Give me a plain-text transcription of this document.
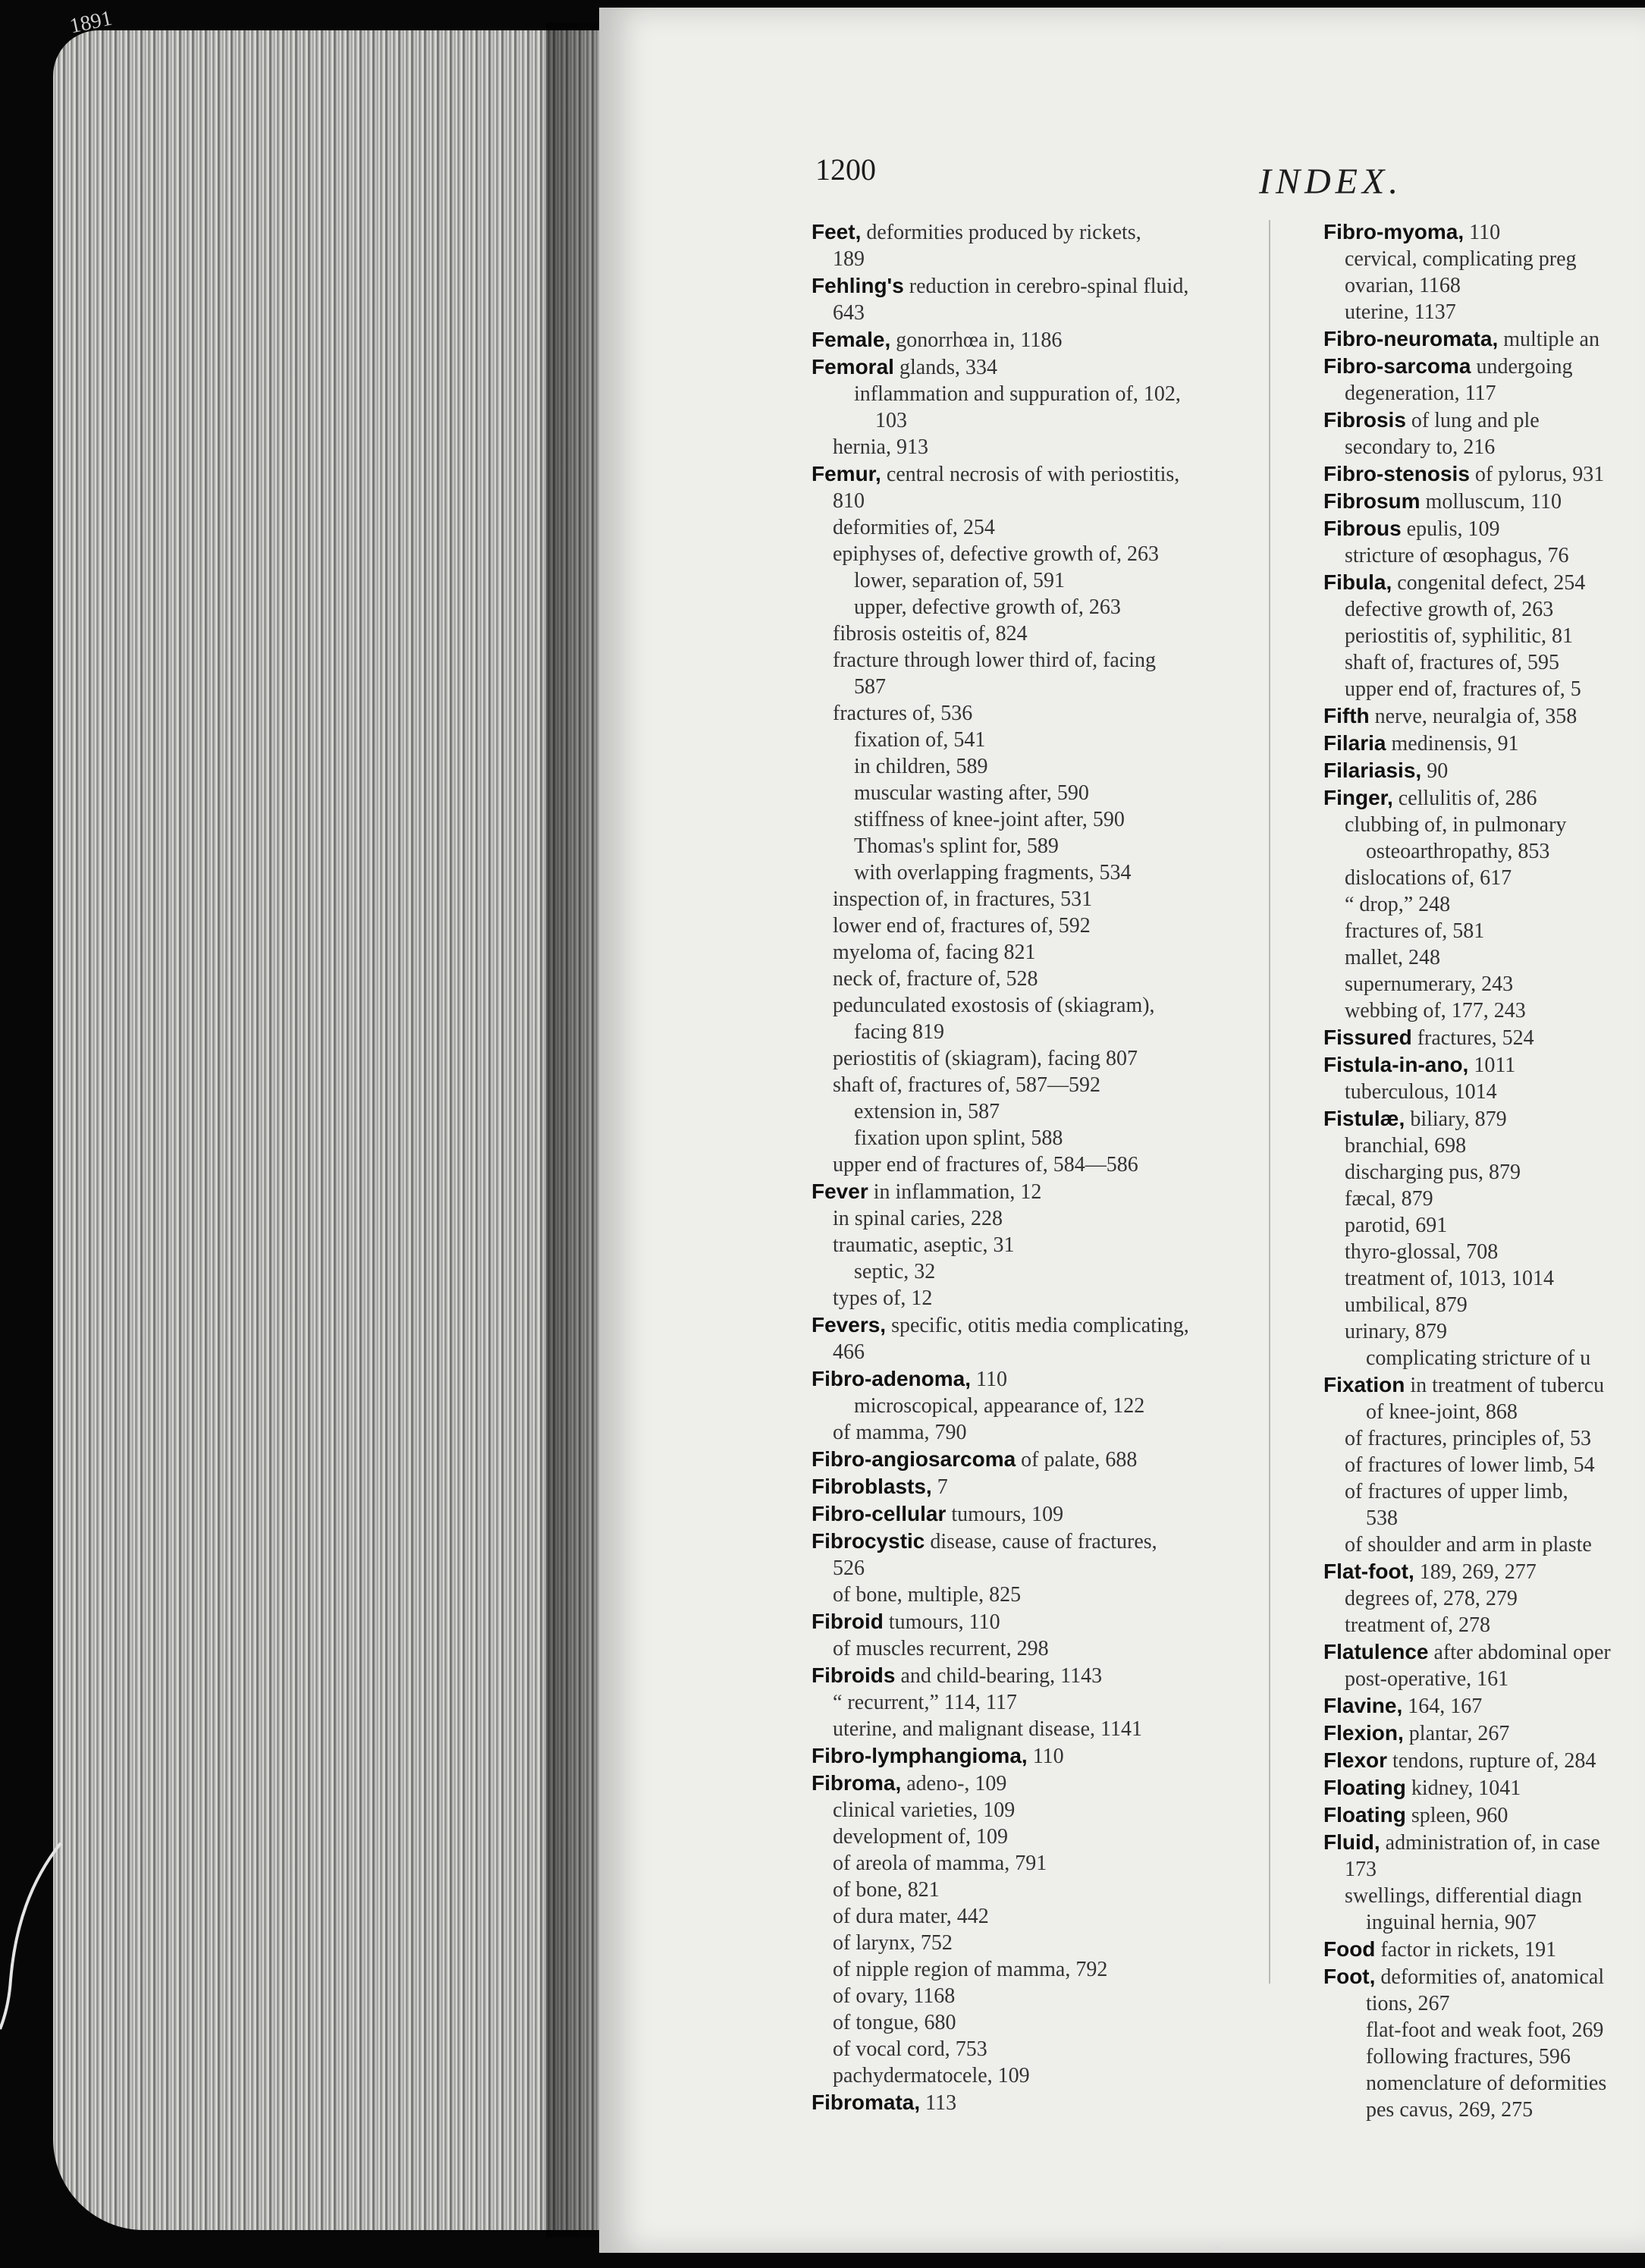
1891
1200	INDEX.
Feet, deformities produced by rickets,
189
Fehling's reduction in cerebro-spinal fluid,
643
Female, gonorrhœa in, 1186
Femoral glands, 334
inflammation and suppuration of, 102,
103
hernia, 913
Femur, central necrosis of with periostitis,
810
deformities of, 254
epiphyses of, defective growth of, 263
lower, separation of, 591
upper, defective growth of, 263
fibrosis osteitis of, 824
fracture through lower third of, facing
587
fractures of, 536
fixation of, 541
in children, 589
muscular wasting after, 590
stiffness of knee-joint after, 590
Thomas's splint for, 589
with overlapping fragments, 534
inspection of, in fractures, 531
lower end of, fractures of, 592
myeloma of, facing 821
neck of, fracture of, 528
pedunculated exostosis of (skiagram),
facing 819
periostitis of (skiagram), facing 807
shaft of, fractures of, 587—592
extension in, 587
fixation upon splint, 588
upper end of fractures of, 584—586
Fever in inflammation, 12
in spinal caries, 228
traumatic, aseptic, 31
septic, 32
types of, 12
Fevers, specific, otitis media complicating,
466
Fibro-adenoma, 110
microscopical, appearance of, 122
of mamma, 790
Fibro-angiosarcoma of palate, 688
Fibroblasts, 7
Fibro-cellular tumours, 109
Fibrocystic disease, cause of fractures,
526
of bone, multiple, 825
Fibroid tumours, 110
of muscles recurrent, 298
Fibroids and child-bearing, 1143
“ recurrent,” 114, 117
uterine, and malignant disease, 1141
Fibro-lymphangioma, 110
Fibroma, adeno-, 109
clinical varieties, 109
development of, 109
of areola of mamma, 791
of bone, 821
of dura mater, 442
of larynx, 752
of nipple region of mamma, 792
of ovary, 1168
of tongue, 680
of vocal cord, 753
pachydermatocele, 109
Fibromata, 113
Fibro-myoma, 110
cervical, complicating preg
ovarian, 1168
uterine, 1137
Fibro-neuromata, multiple an
Fibro-sarcoma undergoing
degeneration, 117
Fibrosis of lung and ple
secondary to, 216
Fibro-stenosis of pylorus, 931
Fibrosum molluscum, 110
Fibrous epulis, 109
stricture of œsophagus, 76
Fibula, congenital defect, 254
defective growth of, 263
periostitis of, syphilitic, 81
shaft of, fractures of, 595
upper end of, fractures of, 5
Fifth nerve, neuralgia of, 358
Filaria medinensis, 91
Filariasis, 90
Finger, cellulitis of, 286
clubbing of, in pulmonary
osteoarthropathy, 853
dislocations of, 617
“ drop,” 248
fractures of, 581
mallet, 248
supernumerary, 243
webbing of, 177, 243
Fissured fractures, 524
Fistula-in-ano, 1011
tuberculous, 1014
Fistulæ, biliary, 879
branchial, 698
discharging pus, 879
fæcal, 879
parotid, 691
thyro-glossal, 708
treatment of, 1013, 1014
umbilical, 879
urinary, 879
complicating stricture of u
Fixation in treatment of tubercu
of knee-joint, 868
of fractures, principles of, 53
of fractures of lower limb, 54
of fractures of upper limb,
538
of shoulder and arm in plaste
Flat-foot, 189, 269, 277
degrees of, 278, 279
treatment of, 278
Flatulence after abdominal oper
post-operative, 161
Flavine, 164, 167
Flexion, plantar, 267
Flexor tendons, rupture of, 284
Floating kidney, 1041
Floating spleen, 960
Fluid, administration of, in case
173
swellings, differential diagn
inguinal hernia, 907
Food factor in rickets, 191
Foot, deformities of, anatomical
tions, 267
flat-foot and weak foot, 269
following fractures, 596
nomenclature of deformities
pes cavus, 269, 275
